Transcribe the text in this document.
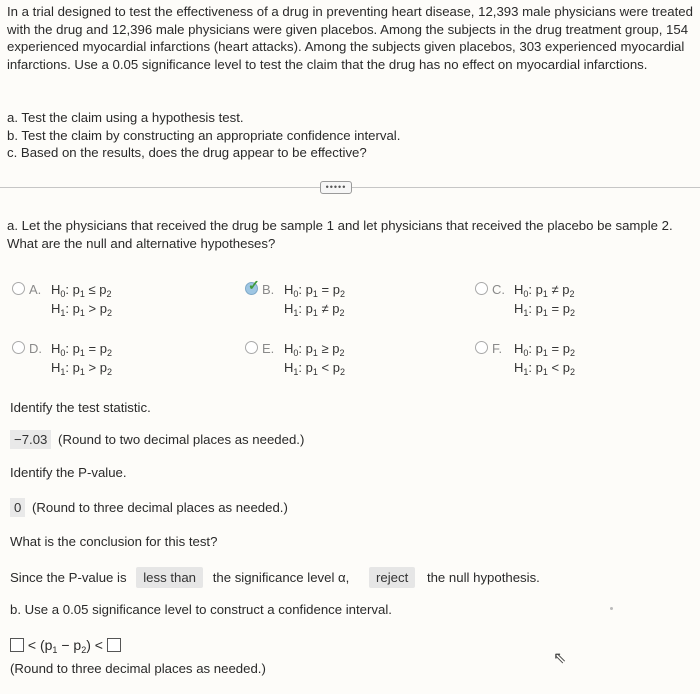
In a trial designed to test the effectiveness of a drug in preventing heart disease, 12,393 male physicians were treated with the drug and 12,396 male physicians were given placebos. Among the subjects in the drug treatment group, 154 experienced myocardial infarctions (heart attacks). Among the subjects given placebos, 303 experienced myocardial infarctions. Use a 0.05 significance level to test the claim that the drug has no effect on myocardial infarctions.
a. Test the claim using a hypothesis test.
b. Test the claim by constructing an appropriate confidence interval.
c. Based on the results, does the drug appear to be effective?
•••••
a. Let the physicians that received the drug be sample 1 and let physicians that received the placebo be sample 2. What are the null and alternative hypotheses?
A. $H_0$: $p_1 \le p_2$
$H_1$: $p_1 > p_2$
✓ B. $H_0$: $p_1 = p_2$
$H_1$: $p_1 \ne p_2$
C. $H_0$: $p_1 \ne p_2$
$H_1$: $p_1 = p_2$
D. $H_0$: $p_1 = p_2$
$H_1$: $p_1 > p_2$
E. $H_0$: $p_1 \ge p_2$
$H_1$: $p_1 < p_2$
F. $H_0$: $p_1 = p_2$
$H_1$: $p_1 < p_2$
Identify the test statistic.
−7.03 (Round to two decimal places as needed.)
Identify the P-value.
0 (Round to three decimal places as needed.)
What is the conclusion for this test?
Since the P-value is less than the significance level α, reject the null hypothesis.
b. Use a 0.05 significance level to construct a confidence interval.
< $(p_1 - p_2)$ <
(Round to three decimal places as needed.)
⇖
